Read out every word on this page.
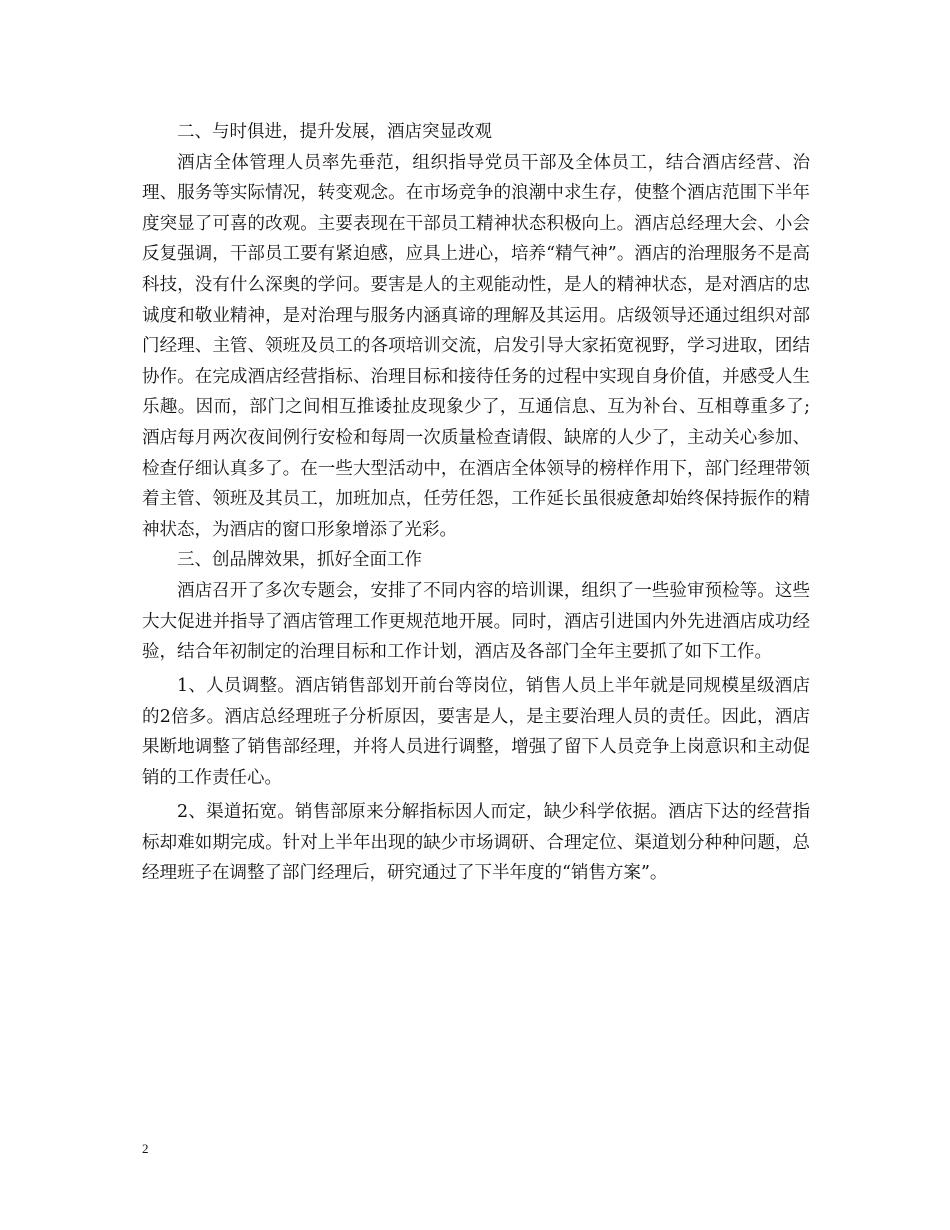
二、与时俱进，提升发展，酒店突显改观

酒店全体管理人员率先垂范，组织指导党员干部及全体员工，结合酒店经营、治理、服务等实际情况，转变观念。在市场竞争的浪潮中求生存，使整个酒店范围下半年度突显了可喜的改观。主要表现在干部员工精神状态积极向上。酒店总经理大会、小会反复强调，干部员工要有紧迫感，应具上进心，培养“精气神”。酒店的治理服务不是高科技，没有什么深奥的学问。要害是人的主观能动性，是人的精神状态，是对酒店的忠诚度和敬业精神，是对治理与服务内涵真谛的理解及其运用。店级领导还通过组织对部门经理、主管、领班及员工的各项培训交流，启发引导大家拓宽视野，学习进取，团结协作。在完成酒店经营指标、治理目标和接待任务的过程中实现自身价值，并感受人生乐趣。因而，部门之间相互推诿扯皮现象少了，互通信息、互为补台、互相尊重多了;酒店每月两次夜间例行安检和每周一次质量检查请假、缺席的人少了，主动关心参加、检查仔细认真多了。在一些大型活动中，在酒店全体领导的榜样作用下，部门经理带领着主管、领班及其员工，加班加点，任劳任怨，工作延长虽很疲惫却始终保持振作的精神状态，为酒店的窗口形象增添了光彩。

三、创品牌效果，抓好全面工作

酒店召开了多次专题会，安排了不同内容的培训课，组织了一些验审预检等。这些大大促进并指导了酒店管理工作更规范地开展。同时，酒店引进国内外先进酒店成功经验，结合年初制定的治理目标和工作计划，酒店及各部门全年主要抓了如下工作。

1、人员调整。酒店销售部划开前台等岗位，销售人员上半年就是同规模星级酒店的2倍多。酒店总经理班子分析原因，要害是人，是主要治理人员的责任。因此，酒店果断地调整了销售部经理，并将人员进行调整，增强了留下人员竞争上岗意识和主动促销的工作责任心。

2、渠道拓宽。销售部原来分解指标因人而定，缺少科学依据。酒店下达的经营指标却难如期完成。针对上半年出现的缺少市场调研、合理定位、渠道划分种种问题，总经理班子在调整了部门经理后，研究通过了下半年度的“销售方案”。

2
